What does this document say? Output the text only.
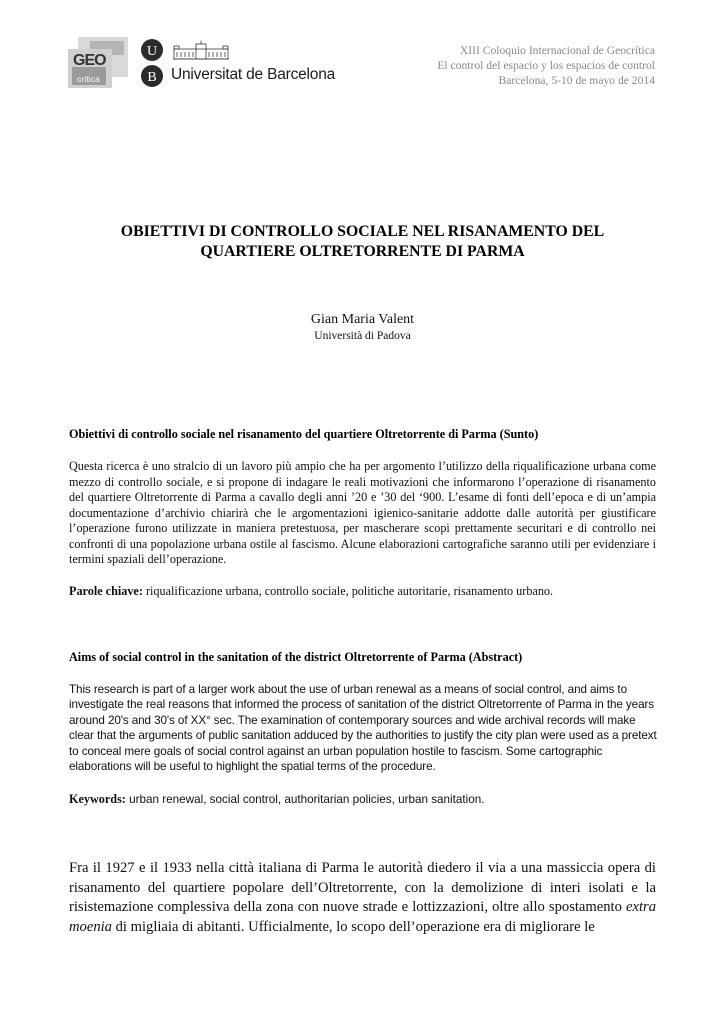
GEO
crítica
U
B Universitat de Barcelona
XIII Coloquio Internacional de Geocrítica
El control del espacio y los espacios de control
Barcelona, 5-10 de mayo de 2014
OBIETTIVI DI CONTROLLO SOCIALE NEL RISANAMENTO DEL
QUARTIERE OLTRETORRENTE DI PARMA
Gian Maria Valent
Università di Padova
Obiettivi di controllo sociale nel risanamento del quartiere Oltretorrente di Parma (Sunto)
Questa ricerca è uno stralcio di un lavoro più ampio che ha per argomento l’utilizzo della riqualificazione urbana come mezzo di controllo sociale, e si propone di indagare le reali motivazioni che informarono l’operazione di risanamento del quartiere Oltretorrente di Parma a cavallo degli anni ’20 e ’30 del ‘900. L’esame di fonti dell’epoca e di un’ampia documentazione d’archivio chiarirà che le argomentazioni igienico-sanitarie addotte dalle autorità per giustificare l’operazione furono utilizzate in maniera pretestuosa, per mascherare scopi prettamente securitari e di controllo nei confronti di una popolazione urbana ostile al fascismo. Alcune elaborazioni cartografiche saranno utili per evidenziare i termini spaziali dell’operazione.
Parole chiave: riqualificazione urbana, controllo sociale, politiche autoritarie, risanamento urbano.
Aims of social control in the sanitation of the district Oltretorrente of Parma (Abstract)
This research is part of a larger work about the use of urban renewal as a means of social control, and aims to investigate the real reasons that informed the process of sanitation of the district Oltretorrente of Parma in the years around 20's and 30's of XX° sec. The examination of contemporary sources and wide archival records will make clear that the arguments of public sanitation adduced by the authorities to justify the city plan were used as a pretext to conceal mere goals of social control against an urban population hostile to fascism. Some cartographic elaborations will be useful to highlight the spatial terms of the procedure.
Keywords: urban renewal, social control, authoritarian policies, urban sanitation.
Fra il 1927 e il 1933 nella città italiana di Parma le autorità diedero il via a una massiccia opera di risanamento del quartiere popolare dell’Oltretorrente, con la demolizione di interi isolati e la risistemazione complessiva della zona con nuove strade e lottizzazioni, oltre allo spostamento extra moenia di migliaia di abitanti. Ufficialmente, lo scopo dell’operazione era di migliorare le
